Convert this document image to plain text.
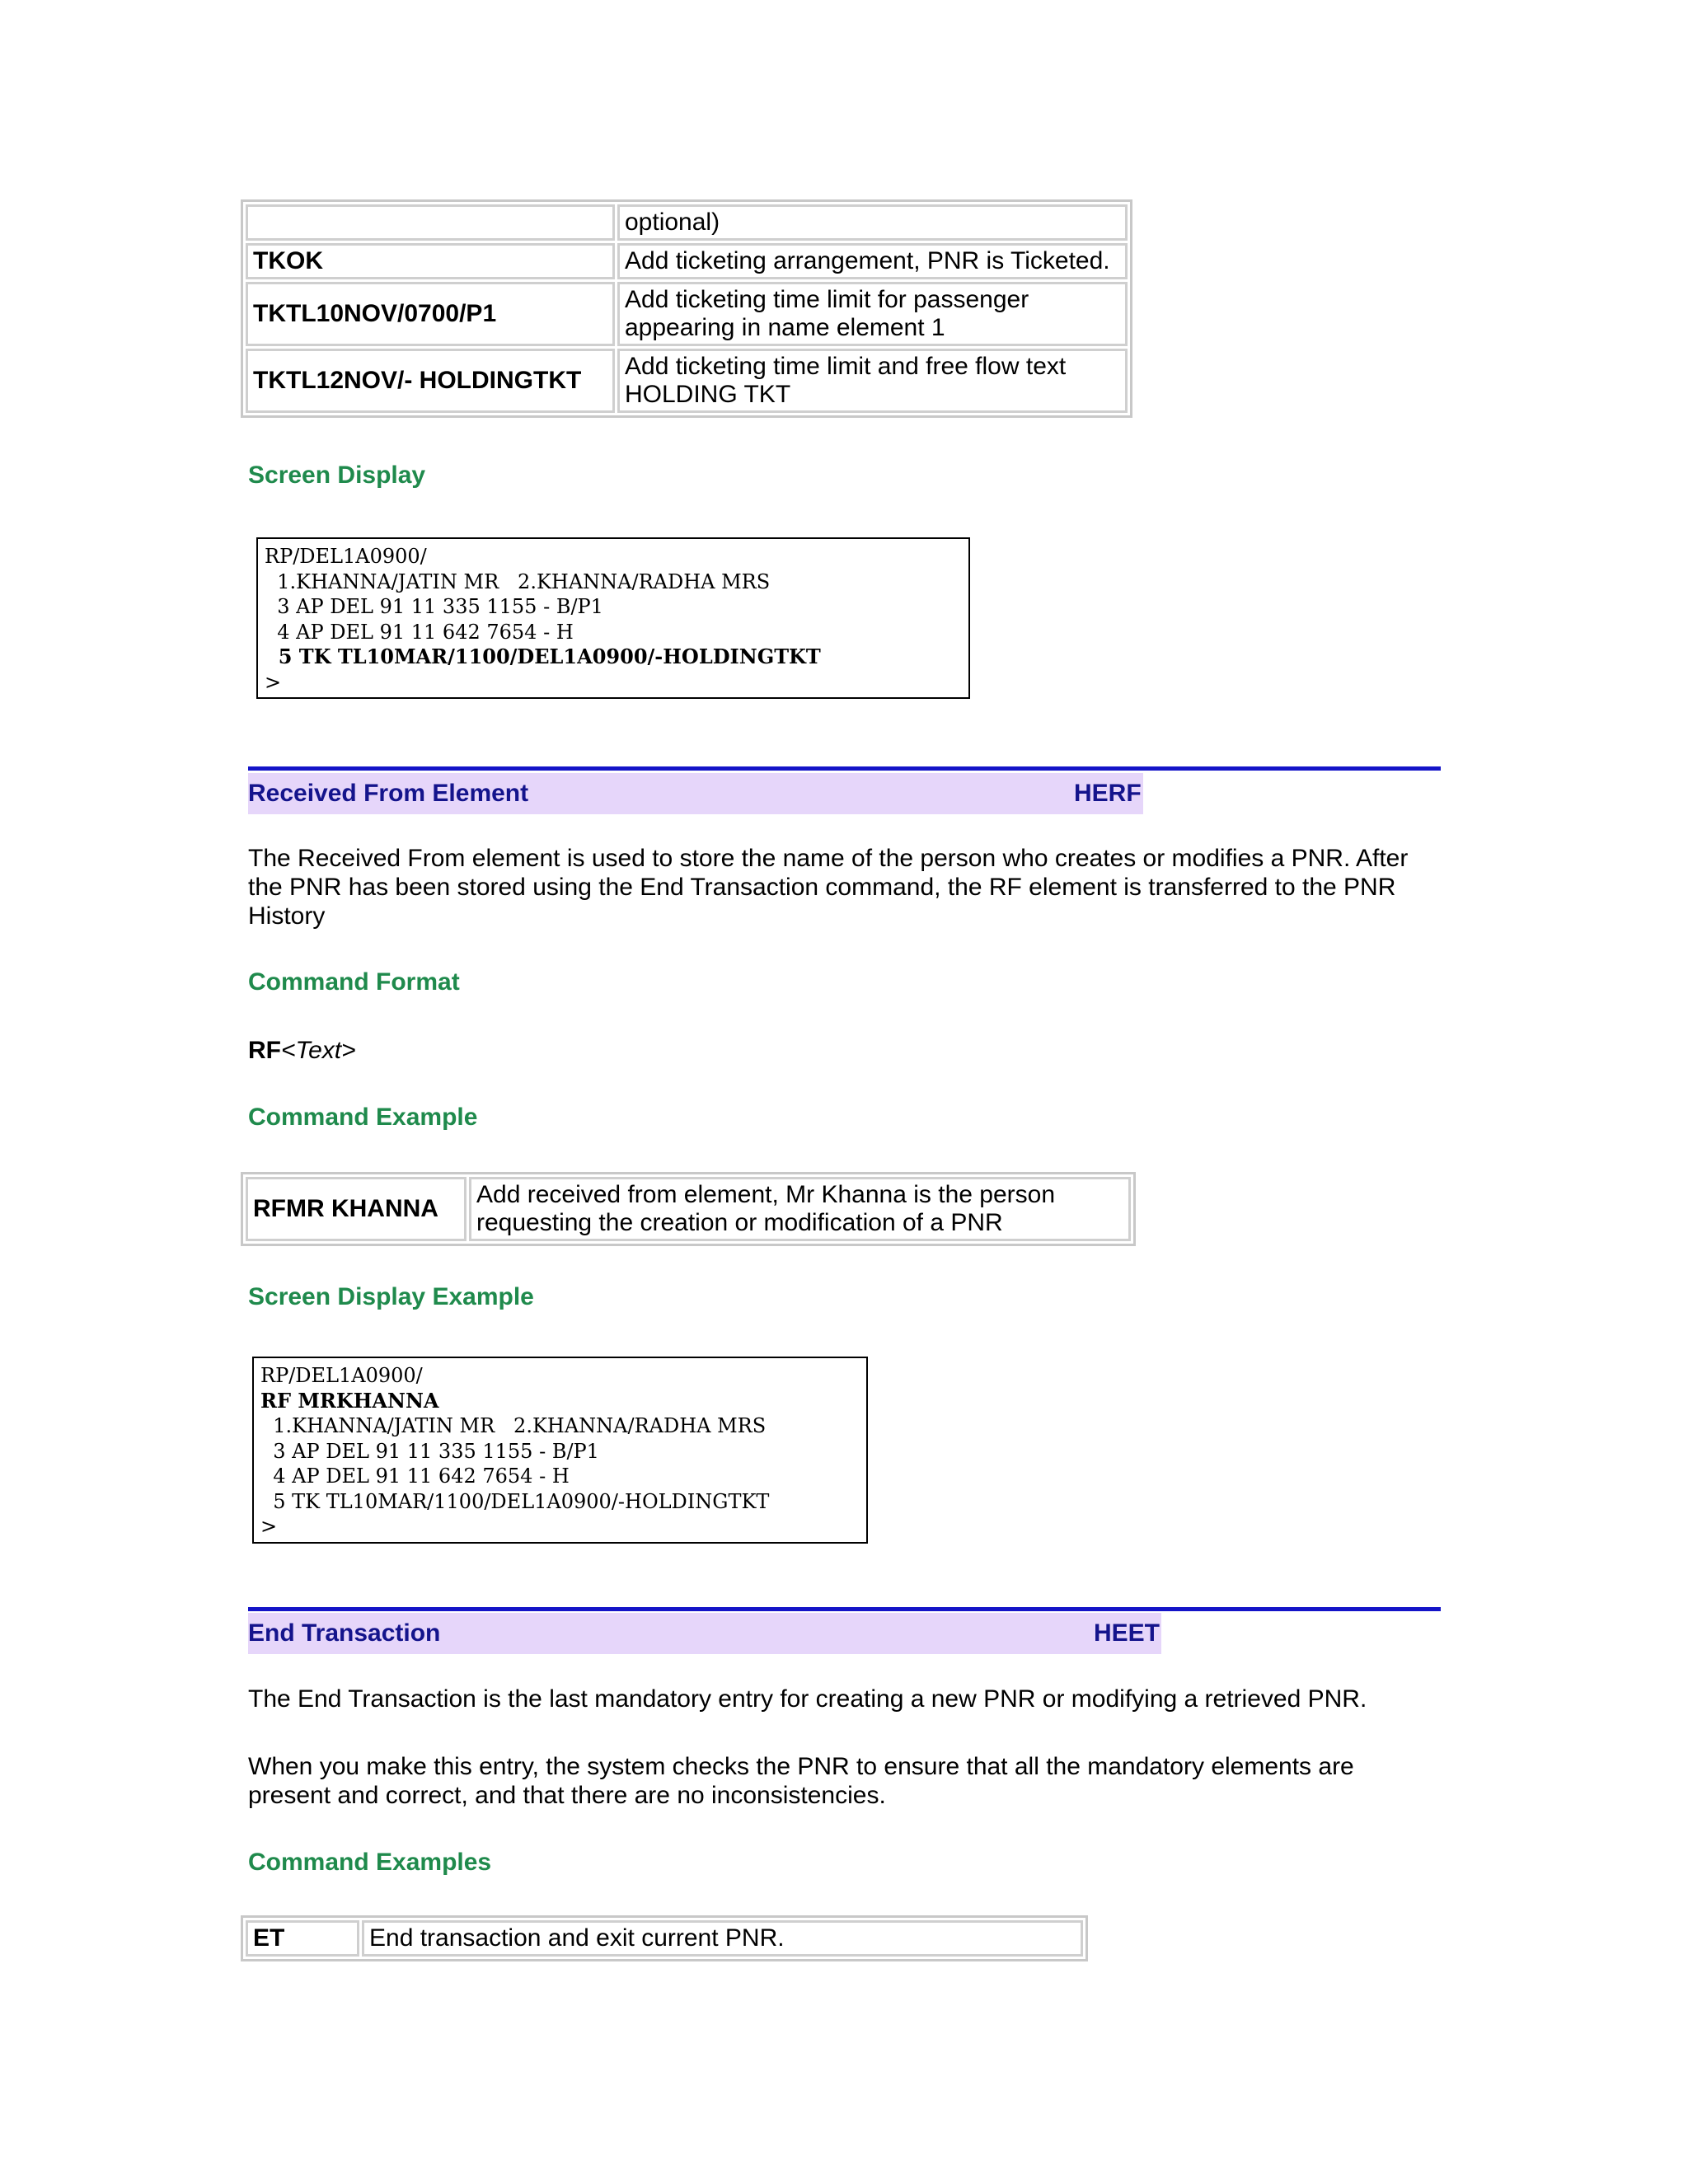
	optional)
TKOK	Add ticketing arrangement, PNR is Ticketed.
TKTL10NOV/0700/P1	Add ticketing time limit for passenger appearing in name element 1
TKTL12NOV/- HOLDINGTKT	Add ticketing time limit and free flow text HOLDING TKT
Screen Display
RP/DEL1A0900/
1.KHANNA/JATIN MR   2.KHANNA/RADHA MRS
3 AP DEL 91 11 335 1155 - B/P1
4 AP DEL 91 11 642 7654 - H
5 TK TL10MAR/1100/DEL1A0900/-HOLDINGTKT
>
Received From Element	HERF
The Received From element is used to store the name of the person who creates or modifies a PNR. After the PNR has been stored using the End Transaction command, the RF element is transferred to the PNR History
Command Format
RF<Text>
Command Example
RFMR KHANNA	Add received from element, Mr Khanna is the person requesting the creation or modification of a PNR
Screen Display Example
RP/DEL1A0900/
RF MRKHANNA
1.KHANNA/JATIN MR   2.KHANNA/RADHA MRS
3 AP DEL 91 11 335 1155 - B/P1
4 AP DEL 91 11 642 7654 - H
5 TK TL10MAR/1100/DEL1A0900/-HOLDINGTKT
>
End Transaction	HEET
The End Transaction is the last mandatory entry for creating a new PNR or modifying a retrieved PNR.
When you make this entry, the system checks the PNR to ensure that all the mandatory elements are present and correct, and that there are no inconsistencies.
Command Examples
ET	End transaction and exit current PNR.
